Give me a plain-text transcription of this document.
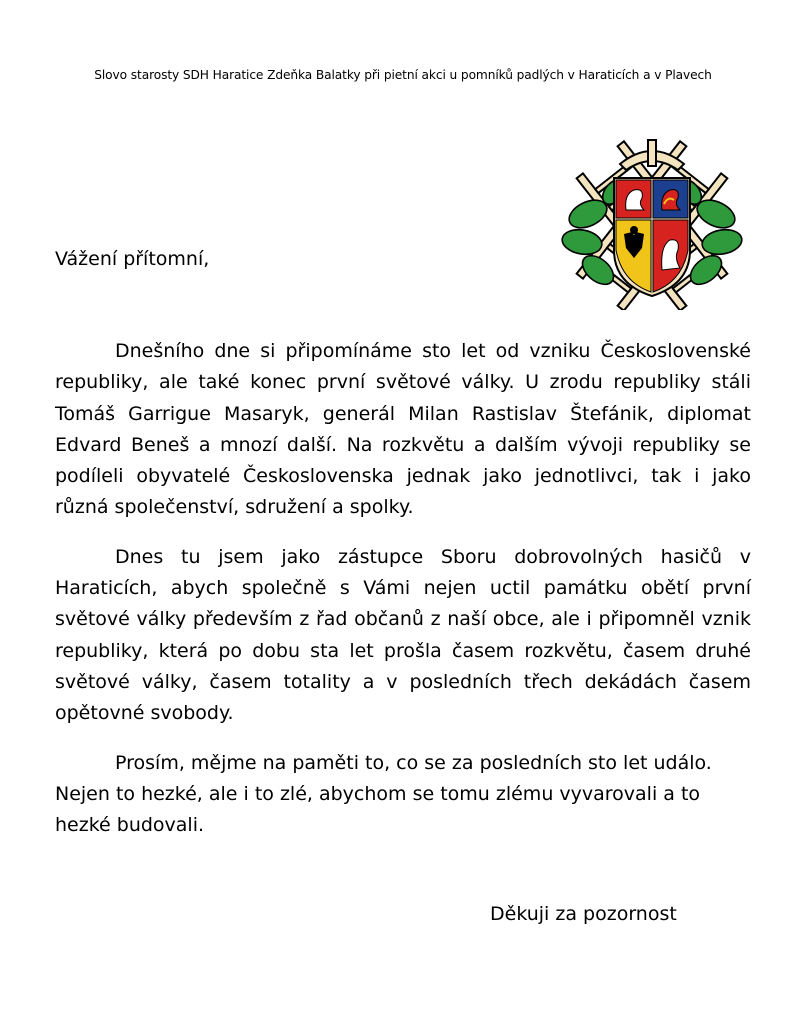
Slovo starosty SDH Haratice Zdeňka Balatky při pietní akci u pomníků padlých v Haraticích a v Plavech
Vážení přítomní,

Dnešního dne si připomínáme sto let od vzniku Československé republiky, ale také konec první světové války. U zrodu republiky stáli Tomáš Garrigue Masaryk, generál Milan Rastislav Štefánik, diplomat Edvard Beneš a mnozí další. Na rozkvětu a dalším vývoji republiky se podíleli obyvatelé Československa jednak jako jednotlivci, tak i jako různá společenství, sdružení a spolky.

Dnes tu jsem jako zástupce Sboru dobrovolných hasičů v Haraticích, abych společně s Vámi nejen uctil památku obětí první světové války především z řad občanů z naší obce, ale i připomněl vznik republiky, která po dobu sta let prošla časem rozkvětu, časem druhé světové války, časem totality a v posledních třech dekádách časem opětovné svobody.

Prosím, mějme na paměti to, co se za posledních sto let událo. Nejen to hezké, ale i to zlé, abychom se tomu zlému vyvarovali a to hezké budovali.

Děkuji za pozornost
